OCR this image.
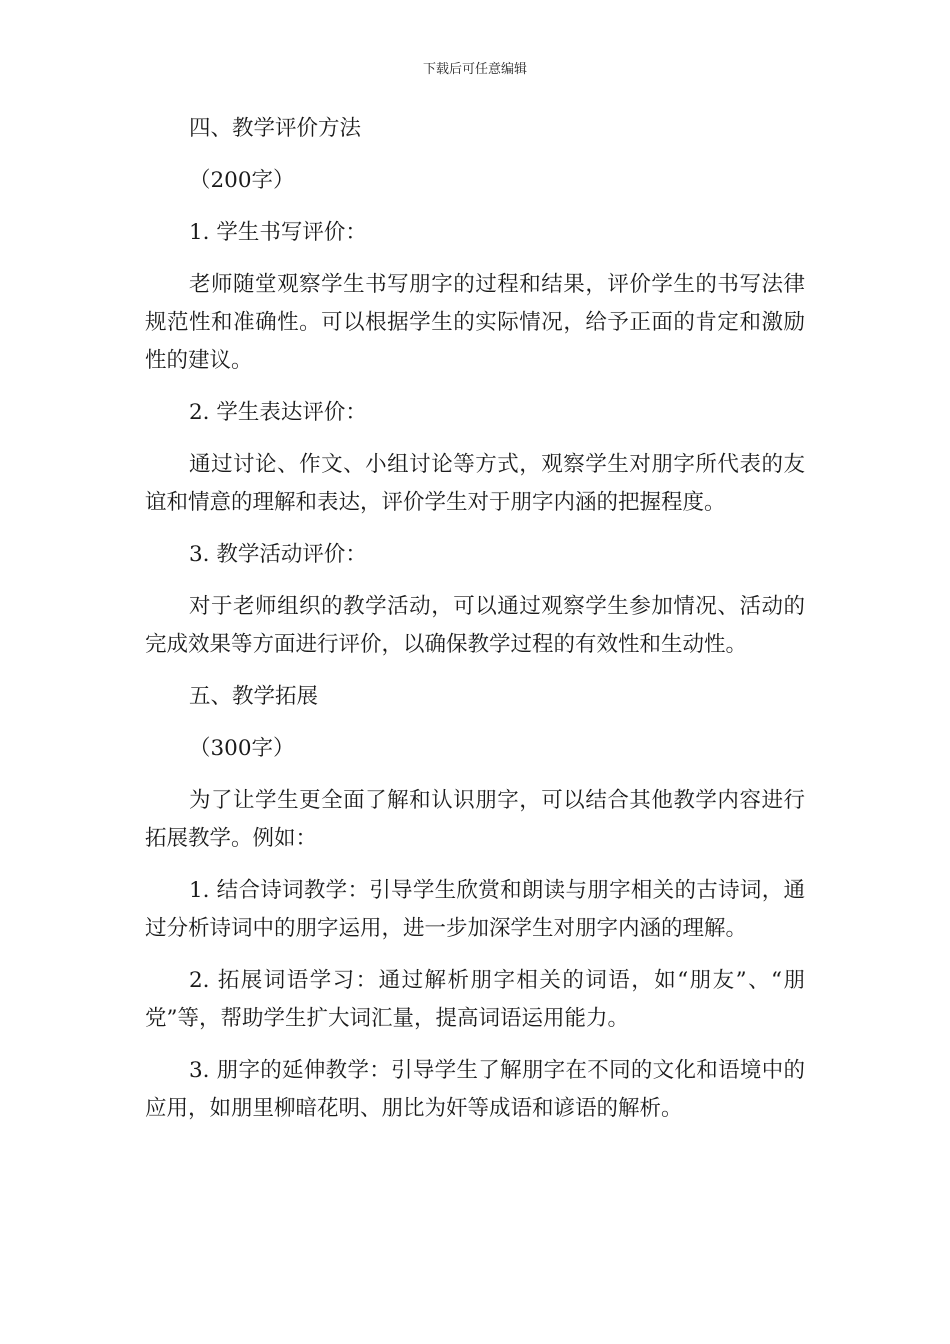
下载后可任意编辑

四、教学评价方法

（200字）

1. 学生书写评价：

老师随堂观察学生书写朋字的过程和结果，评价学生的书写法律规范性和准确性。可以根据学生的实际情况，给予正面的肯定和激励性的建议。

2. 学生表达评价：

通过讨论、作文、小组讨论等方式，观察学生对朋字所代表的友谊和情意的理解和表达，评价学生对于朋字内涵的把握程度。

3. 教学活动评价：

对于老师组织的教学活动，可以通过观察学生参加情况、活动的完成效果等方面进行评价，以确保教学过程的有效性和生动性。

五、教学拓展

（300字）

为了让学生更全面了解和认识朋字，可以结合其他教学内容进行拓展教学。例如：

1. 结合诗词教学：引导学生欣赏和朗读与朋字相关的古诗词，通过分析诗词中的朋字运用，进一步加深学生对朋字内涵的理解。

2. 拓展词语学习：通过解析朋字相关的词语，如“朋友”、“朋党”等，帮助学生扩大词汇量，提高词语运用能力。

3. 朋字的延伸教学：引导学生了解朋字在不同的文化和语境中的应用，如朋里柳暗花明、朋比为奸等成语和谚语的解析。
